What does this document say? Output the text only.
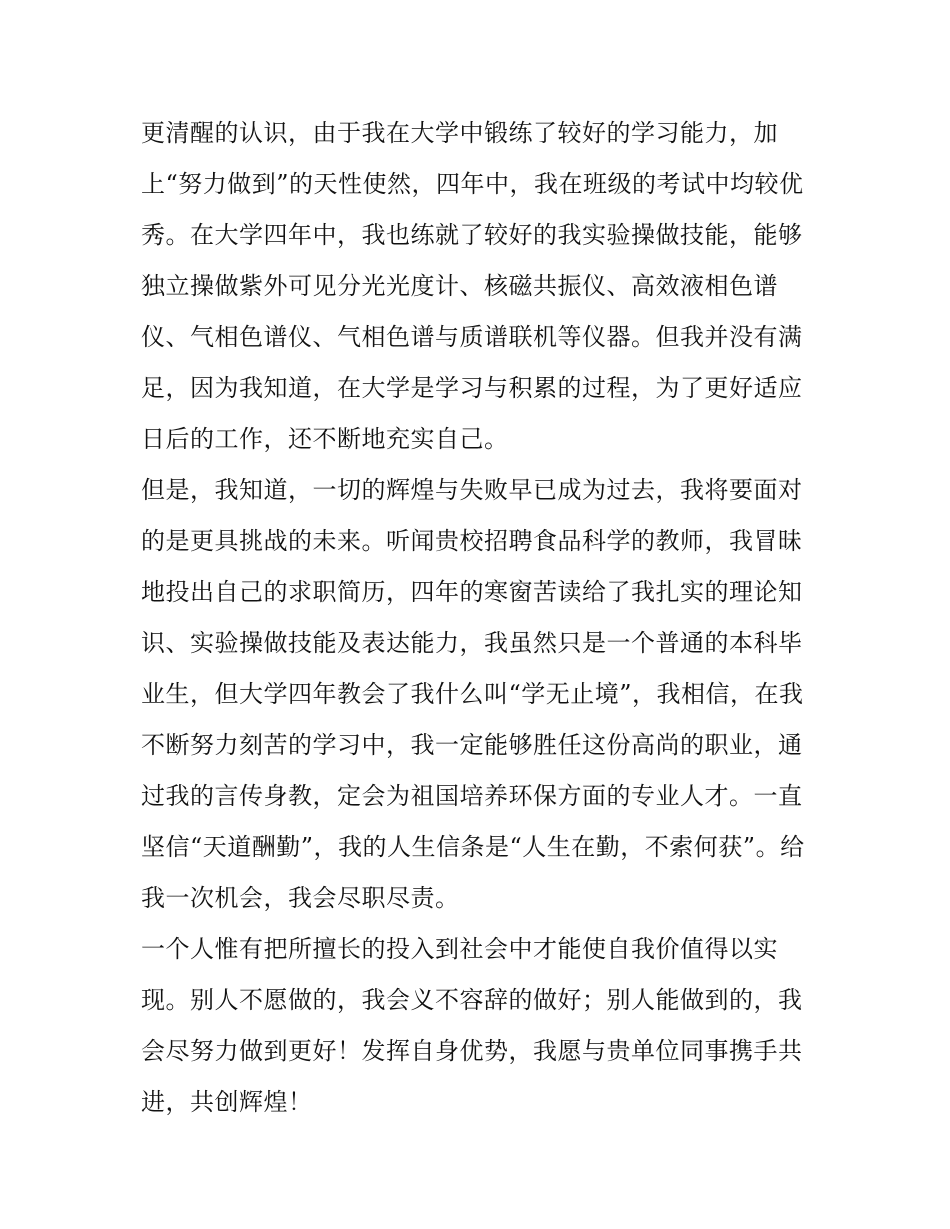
更清醒的认识，由于我在大学中锻练了较好的学习能力，加
上“努力做到”的天性使然，四年中，我在班级的考试中均较优
秀。在大学四年中，我也练就了较好的我实验操做技能，能够
独立操做紫外可见分光光度计、核磁共振仪、高效液相色谱
仪、气相色谱仪、气相色谱与质谱联机等仪器。但我并没有满
足，因为我知道，在大学是学习与积累的过程，为了更好适应
日后的工作，还不断地充实自己。
但是，我知道，一切的辉煌与失败早已成为过去，我将要面对
的是更具挑战的未来。听闻贵校招聘食品科学的教师，我冒昧
地投出自己的求职简历，四年的寒窗苦读给了我扎实的理论知
识、实验操做技能及表达能力，我虽然只是一个普通的本科毕
业生，但大学四年教会了我什么叫“学无止境”，我相信，在我
不断努力刻苦的学习中，我一定能够胜任这份高尚的职业，通
过我的言传身教，定会为祖国培养环保方面的专业人才。一直
坚信“天道酬勤”，我的人生信条是“人生在勤，不索何获”。给
我一次机会，我会尽职尽责。
一个人惟有把所擅长的投入到社会中才能使自我价值得以实
现。别人不愿做的，我会义不容辞的做好；别人能做到的，我
会尽努力做到更好！发挥自身优势，我愿与贵单位同事携手共
进，共创辉煌！
